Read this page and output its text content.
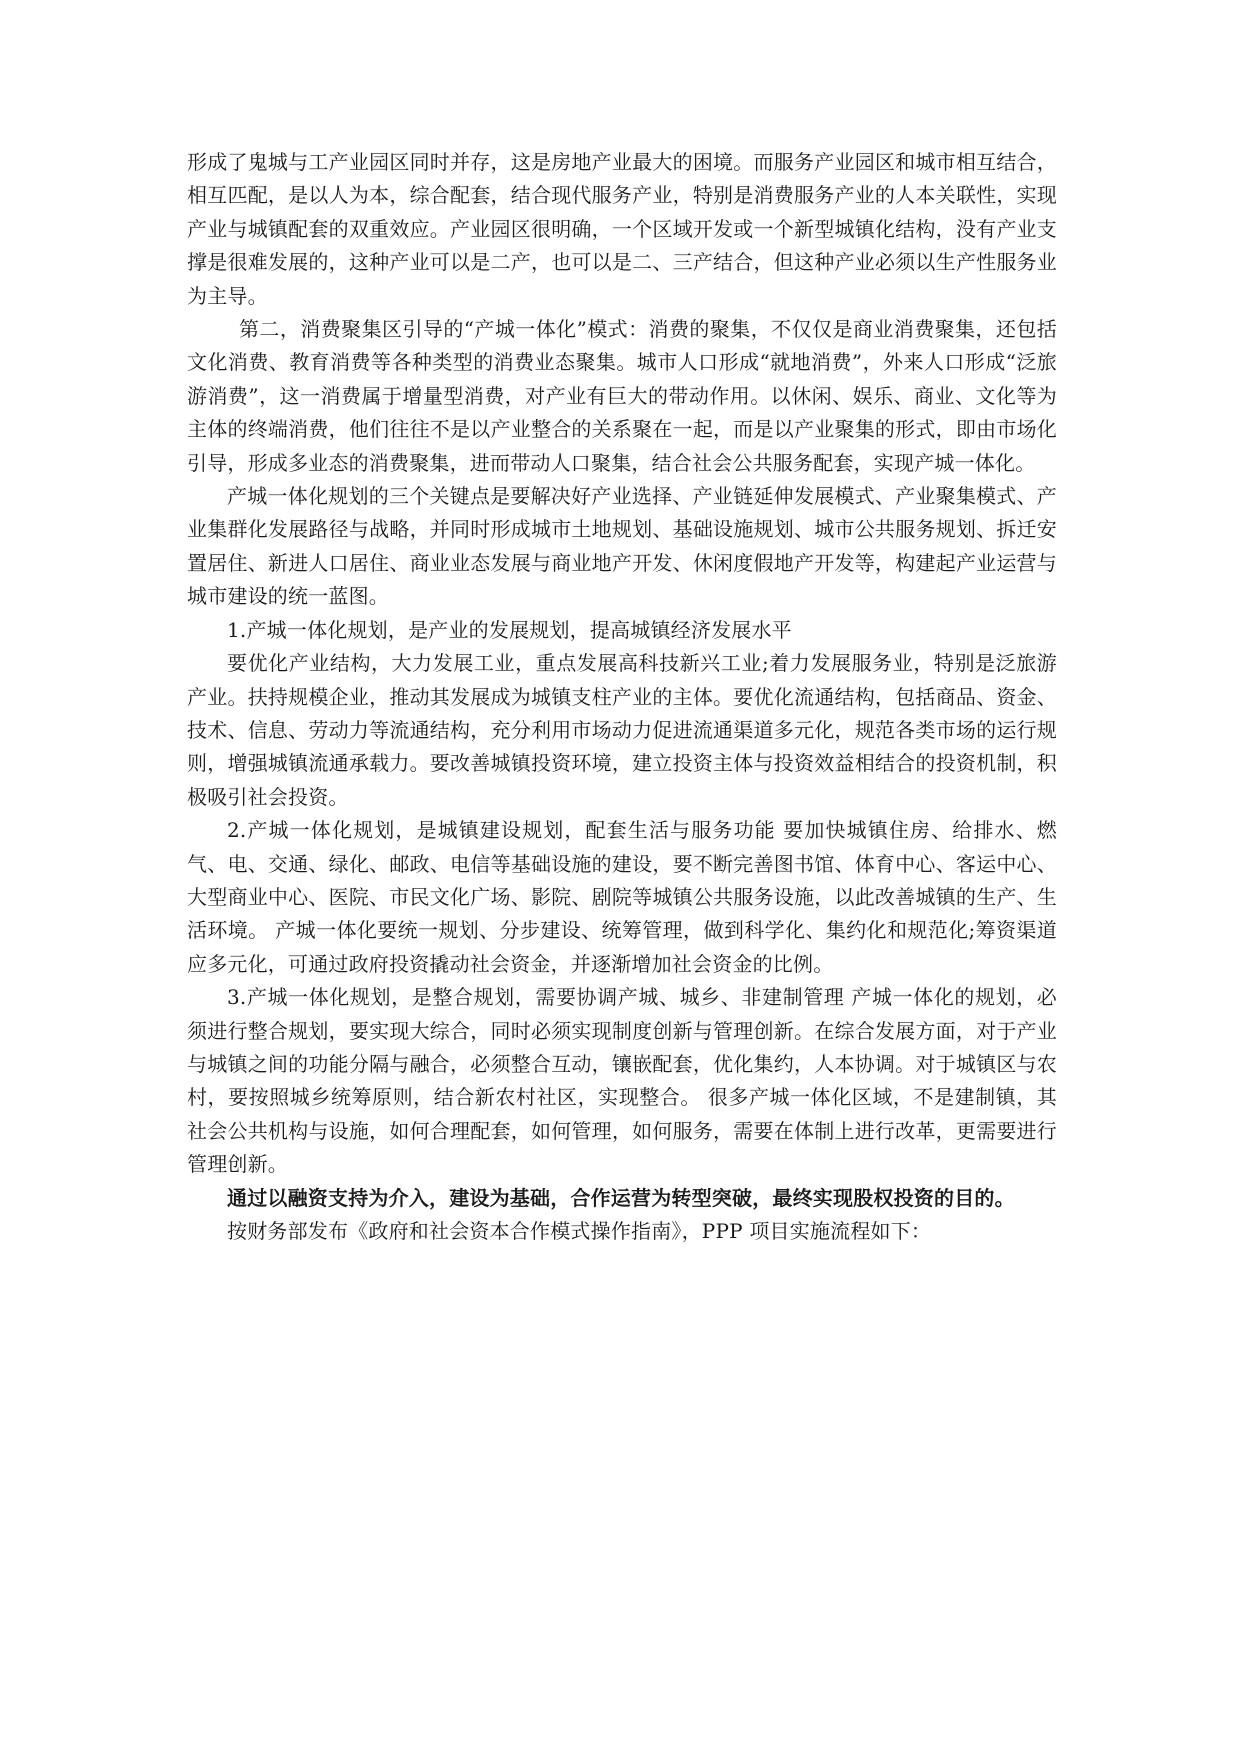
形成了鬼城与工产业园区同时并存，这是房地产业最大的困境。而服务产业园区和城市相互结合，相互匹配，是以人为本，综合配套，结合现代服务产业，特别是消费服务产业的人本关联性，实现产业与城镇配套的双重效应。产业园区很明确，一个区域开发或一个新型城镇化结构，没有产业支撑是很难发展的，这种产业可以是二产，也可以是二、三产结合，但这种产业必须以生产性服务业为主导。

第二，消费聚集区引导的“产城一体化”模式：消费的聚集，不仅仅是商业消费聚集，还包括文化消费、教育消费等各种类型的消费业态聚集。城市人口形成“就地消费”，外来人口形成“泛旅游消费”，这一消费属于增量型消费，对产业有巨大的带动作用。以休闲、娱乐、商业、文化等为主体的终端消费，他们往往不是以产业整合的关系聚在一起，而是以产业聚集的形式，即由市场化引导，形成多业态的消费聚集，进而带动人口聚集，结合社会公共服务配套，实现产城一体化。

产城一体化规划的三个关键点是要解决好产业选择、产业链延伸发展模式、产业聚集模式、产业集群化发展路径与战略，并同时形成城市土地规划、基础设施规划、城市公共服务规划、拆迁安置居住、新进人口居住、商业业态发展与商业地产开发、休闲度假地产开发等，构建起产业运营与城市建设的统一蓝图。

1.产城一体化规划，是产业的发展规划，提高城镇经济发展水平

要优化产业结构，大力发展工业，重点发展高科技新兴工业;着力发展服务业，特别是泛旅游产业。扶持规模企业，推动其发展成为城镇支柱产业的主体。要优化流通结构，包括商品、资金、技术、信息、劳动力等流通结构，充分利用市场动力促进流通渠道多元化，规范各类市场的运行规则，增强城镇流通承载力。要改善城镇投资环境，建立投资主体与投资效益相结合的投资机制，积极吸引社会投资。

2.产城一体化规划，是城镇建设规划，配套生活与服务功能 要加快城镇住房、给排水、燃气、电、交通、绿化、邮政、电信等基础设施的建设，要不断完善图书馆、体育中心、客运中心、大型商业中心、医院、市民文化广场、影院、剧院等城镇公共服务设施，以此改善城镇的生产、生活环境。 产城一体化要统一规划、分步建设、统筹管理，做到科学化、集约化和规范化;筹资渠道应多元化，可通过政府投资撬动社会资金，并逐渐增加社会资金的比例。

3.产城一体化规划，是整合规划，需要协调产城、城乡、非建制管理 产城一体化的规划，必须进行整合规划，要实现大综合，同时必须实现制度创新与管理创新。在综合发展方面，对于产业与城镇之间的功能分隔与融合，必须整合互动，镶嵌配套，优化集约，人本协调。对于城镇区与农村，要按照城乡统筹原则，结合新农村社区，实现整合。 很多产城一体化区域，不是建制镇，其社会公共机构与设施，如何合理配套，如何管理，如何服务，需要在体制上进行改革，更需要进行管理创新。

通过以融资支持为介入，建设为基础，合作运营为转型突破，最终实现股权投资的目的。

按财务部发布《政府和社会资本合作模式操作指南》，PPP 项目实施流程如下：
